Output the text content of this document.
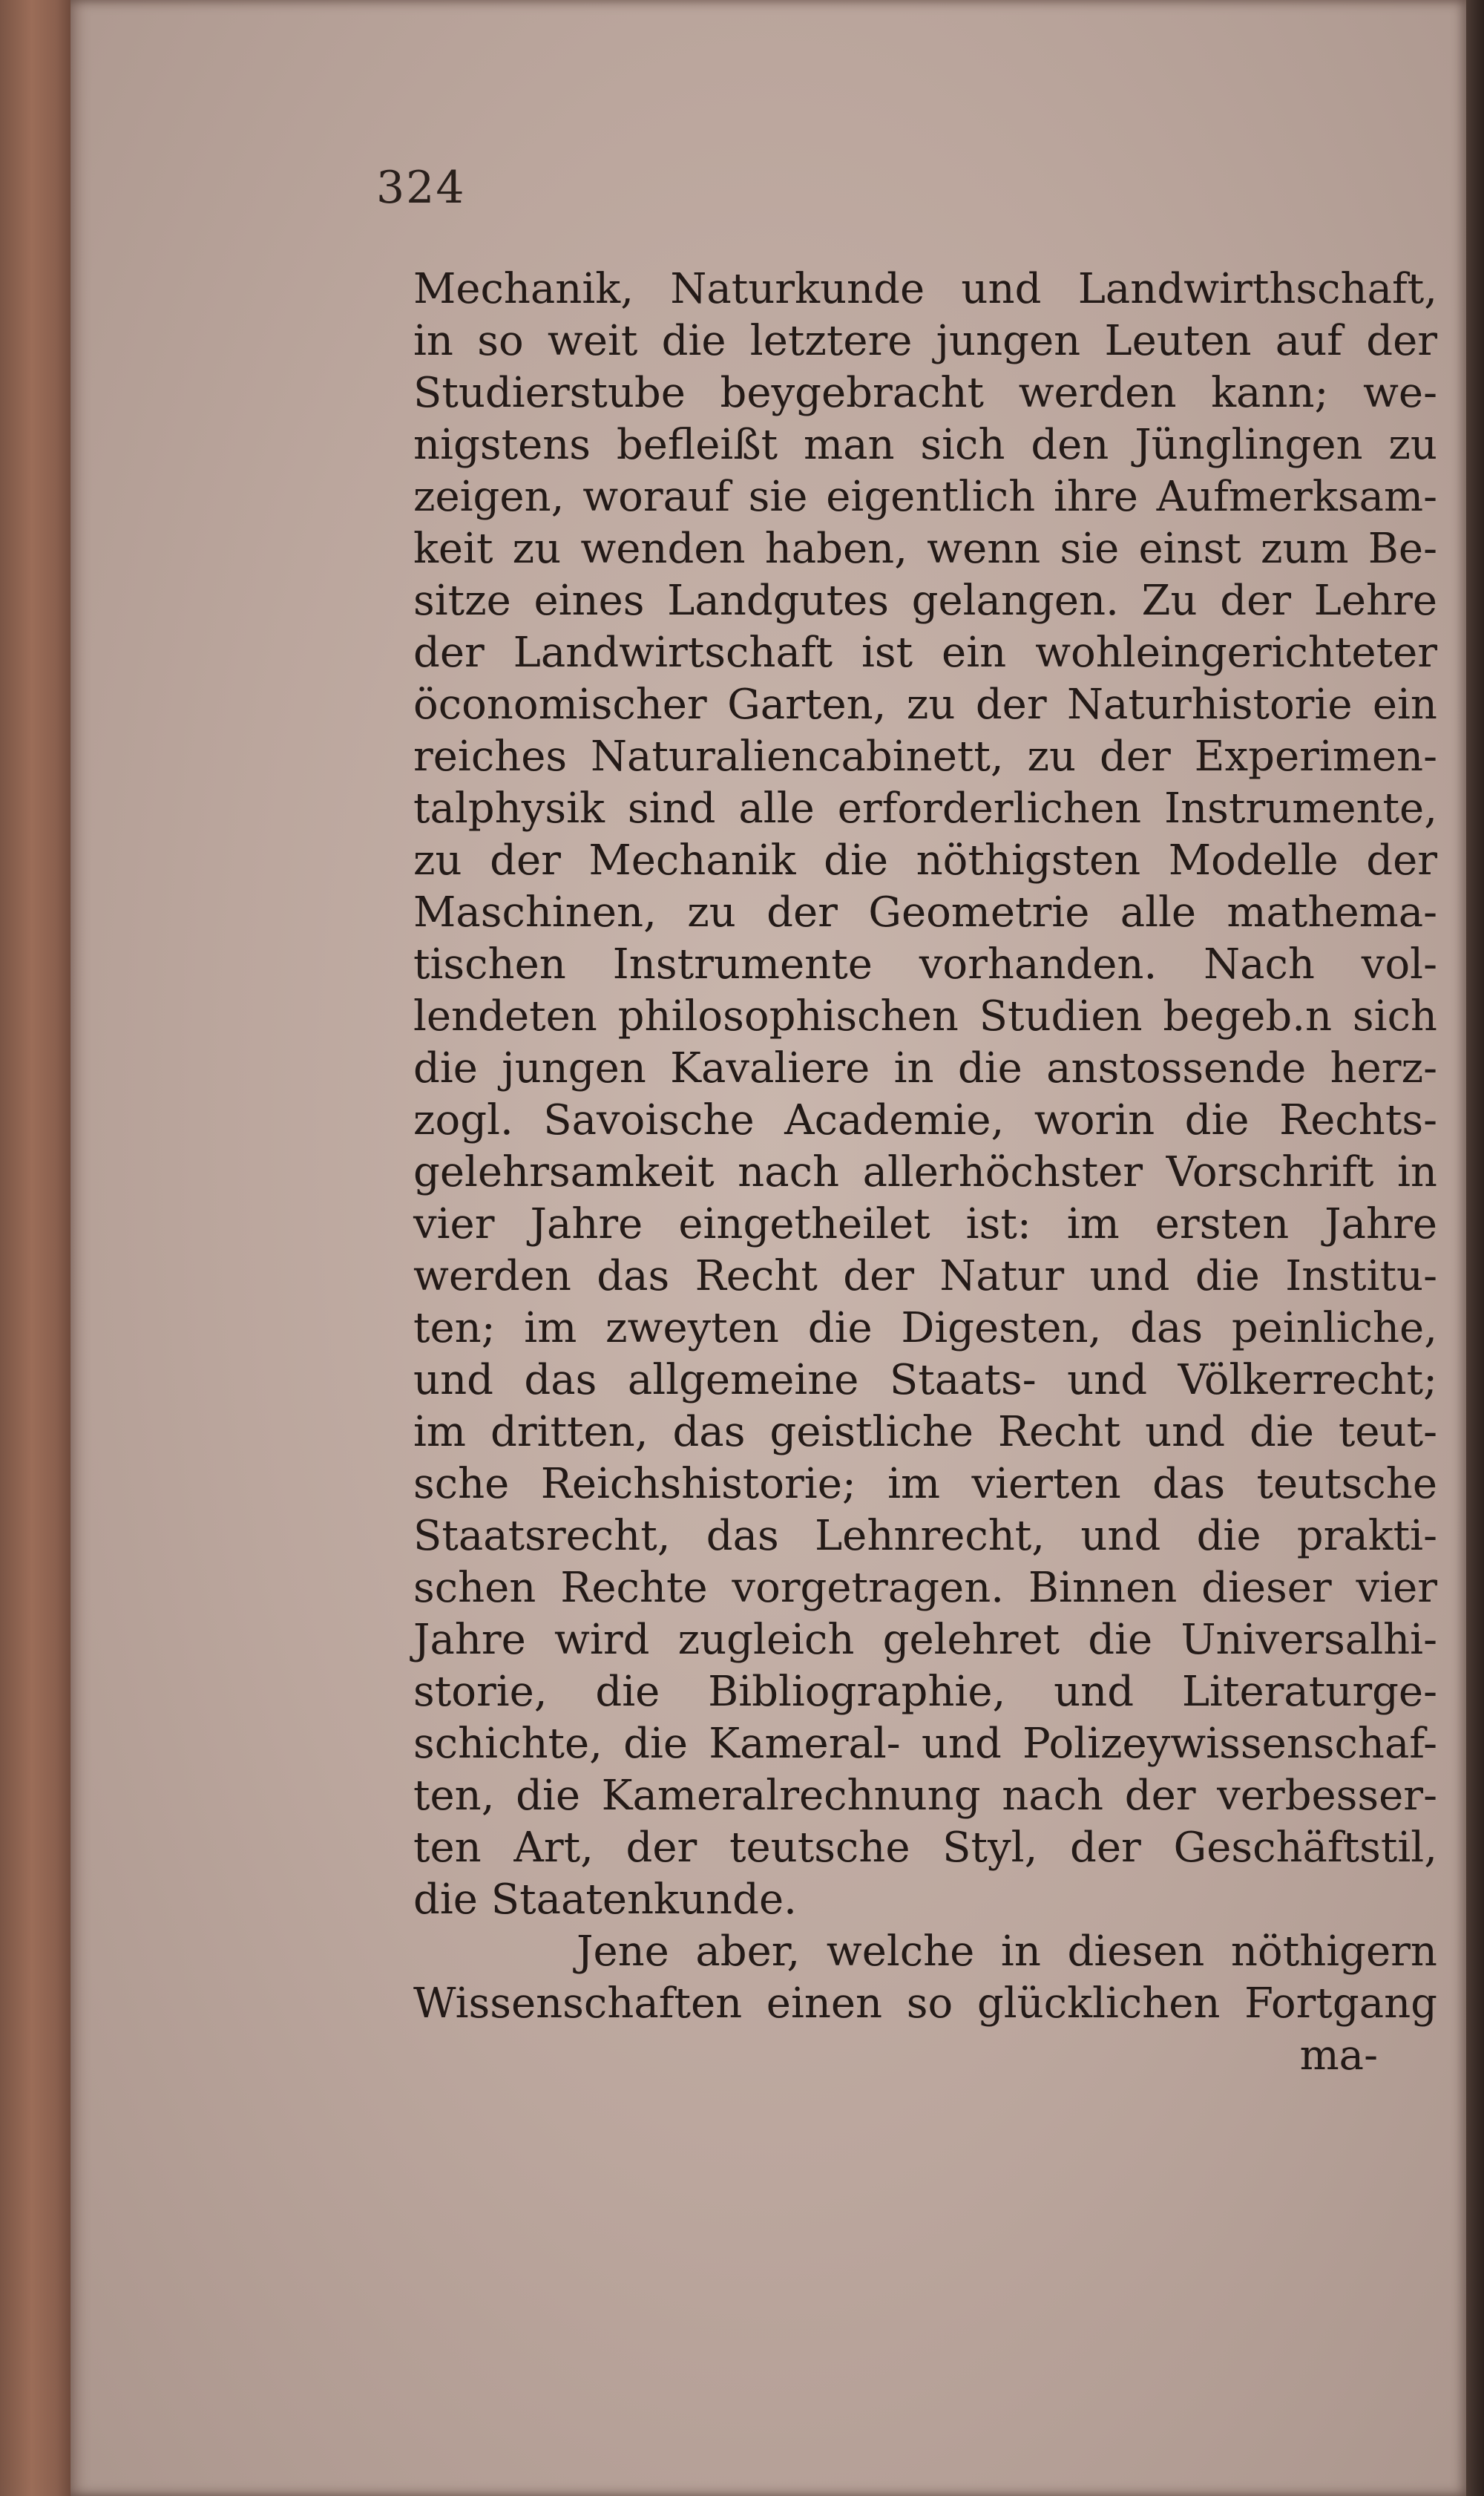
324
Mechanik, Naturkunde und Landwirthschaft,
in so weit die letztere jungen Leuten auf der
Studierstube beygebracht werden kann; we-
nigstens befleißt man sich den Jünglingen zu
zeigen, worauf sie eigentlich ihre Aufmerksam-
keit zu wenden haben, wenn sie einst zum Be-
sitze eines Landgutes gelangen. Zu der Lehre
der Landwirtschaft ist ein wohleingerichteter
öconomischer Garten, zu der Naturhistorie ein
reiches Naturaliencabinett, zu der Experimen-
talphysik sind alle erforderlichen Instrumente,
zu der Mechanik die nöthigsten Modelle der
Maschinen, zu der Geometrie alle mathema-
tischen Instrumente vorhanden. Nach vol-
lendeten philosophischen Studien begeb.n sich
die jungen Kavaliere in die anstossende herz-
zogl. Savoische Academie, worin die Rechts-
gelehrsamkeit nach allerhöchster Vorschrift in
vier Jahre eingetheilet ist: im ersten Jahre
werden das Recht der Natur und die Institu-
ten; im zweyten die Digesten, das peinliche,
und das allgemeine Staats- und Völkerrecht;
im dritten, das geistliche Recht und die teut-
sche Reichshistorie; im vierten das teutsche
Staatsrecht, das Lehnrecht, und die prakti-
schen Rechte vorgetragen. Binnen dieser vier
Jahre wird zugleich gelehret die Universalhi-
storie, die Bibliographie, und Literaturge-
schichte, die Kameral- und Polizeywissenschaf-
ten, die Kameralrechnung nach der verbesser-
ten Art, der teutsche Styl, der Geschäftstil,
die Staatenkunde.
Jene aber, welche in diesen nöthigern
Wissenschaften einen so glücklichen Fortgang
ma-
